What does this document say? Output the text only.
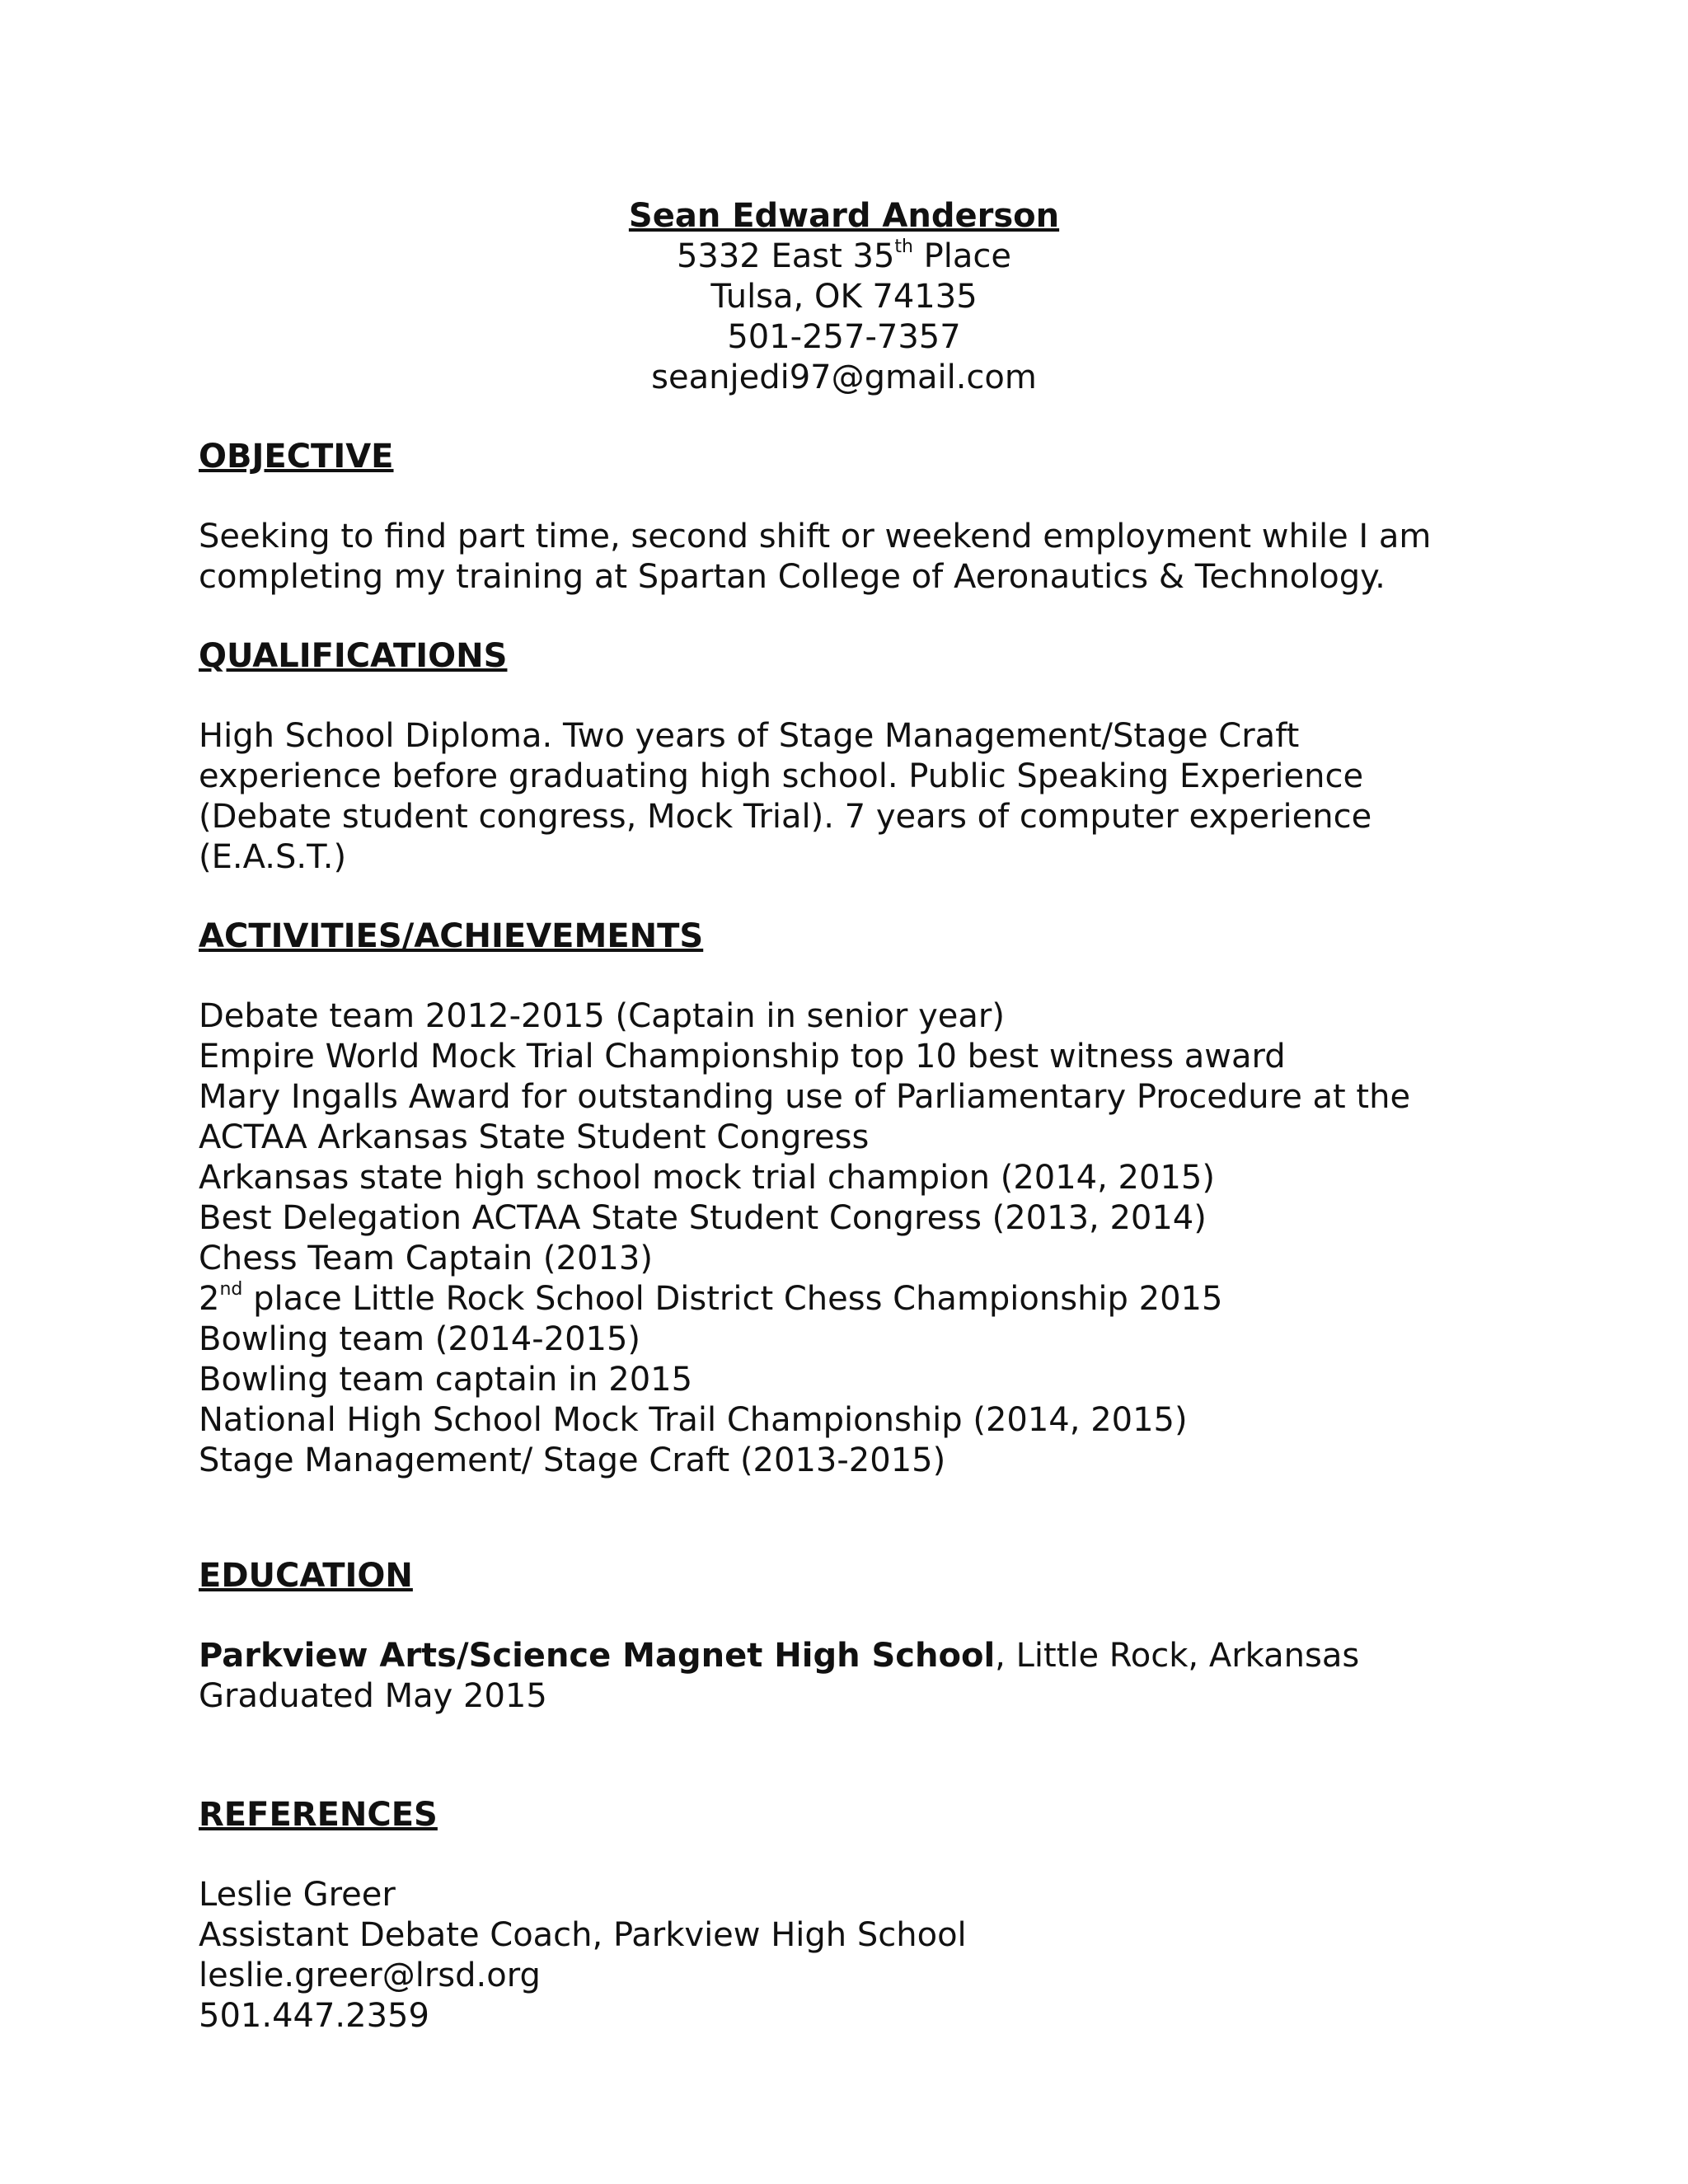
Sean Edward Anderson
5332 East 35th Place
Tulsa, OK 74135
501-257-7357
seanjedi97@gmail.com
OBJECTIVE
Seeking to find part time, second shift or weekend employment while I am
completing my training at Spartan College of Aeronautics & Technology.
QUALIFICATIONS
High School Diploma. Two years of Stage Management/Stage Craft
experience before graduating high school. Public Speaking Experience
(Debate student congress, Mock Trial). 7 years of computer experience
(E.A.S.T.)
ACTIVITIES/ACHIEVEMENTS
Debate team 2012-2015 (Captain in senior year)
Empire World Mock Trial Championship top 10 best witness award
Mary Ingalls Award for outstanding use of Parliamentary Procedure at the
ACTAA Arkansas State Student Congress
Arkansas state high school mock trial champion (2014, 2015)
Best Delegation ACTAA State Student Congress (2013, 2014)
Chess Team Captain (2013)
2nd place Little Rock School District Chess Championship 2015
Bowling team (2014-2015)
Bowling team captain in 2015
National High School Mock Trail Championship (2014, 2015)
Stage Management/ Stage Craft (2013-2015)
EDUCATION
Parkview Arts/Science Magnet High School, Little Rock, Arkansas
Graduated May 2015
REFERENCES
Leslie Greer
Assistant Debate Coach, Parkview High School
leslie.greer@lrsd.org
501.447.2359
